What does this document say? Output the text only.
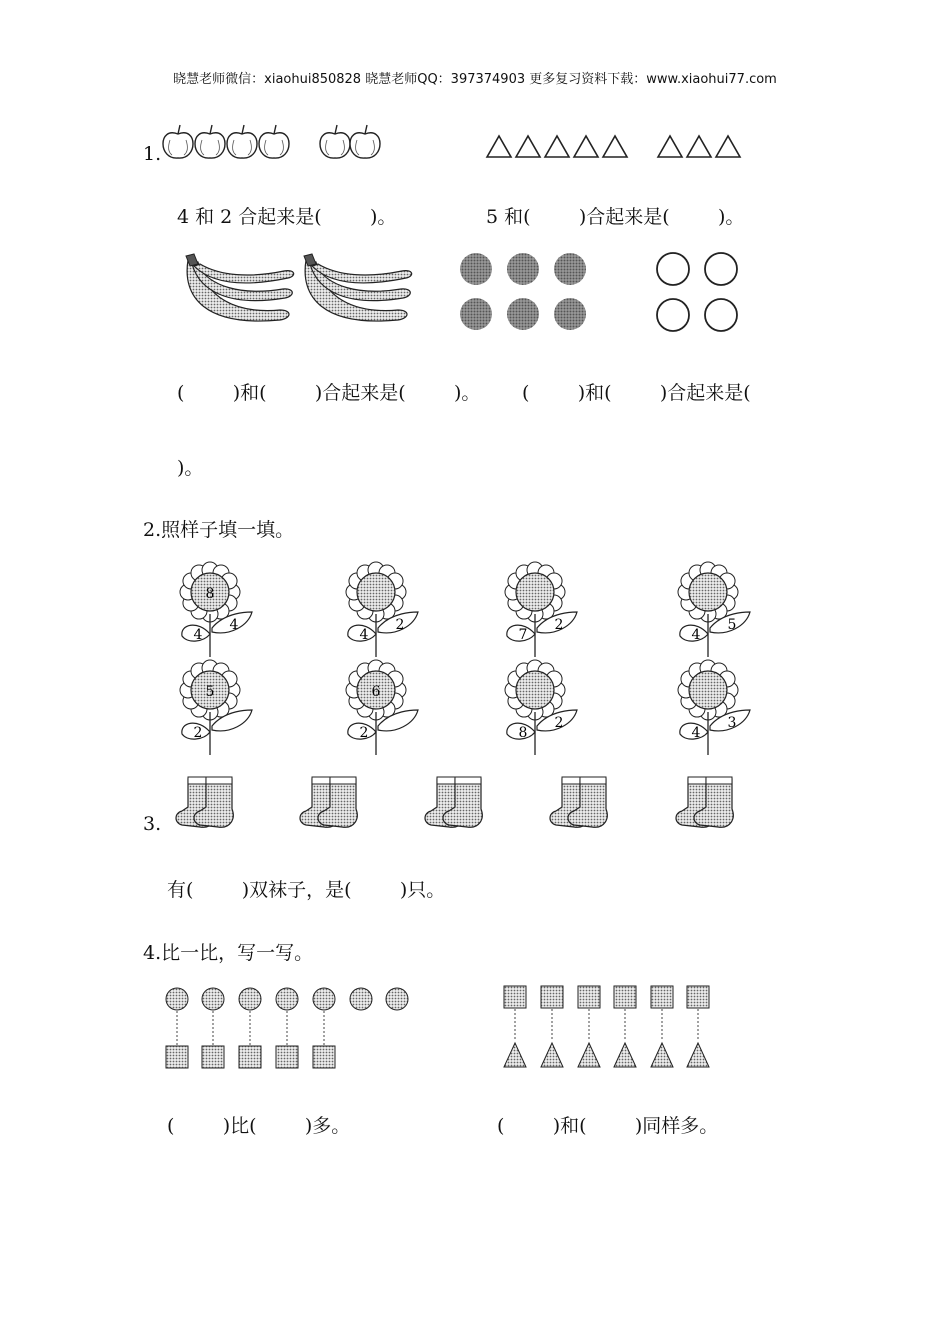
晓慧老师微信：xiaohui850828 晓慧老师QQ：397374903 更多复习资料下载：www.xiaohui77.com
1.
4 和 2 合起来是(        )。	5 和(        )合起来是(        )。
(        )和(        )合起来是(        )。 (        )和(        )合起来是(
)。
2.照样子填一填。
8
4
4
4
2
7
2
4
5
5
2
6
2	8
2
4
3
3.
有(        )双袜子，是(        )只。
4.比一比，写一写。
(        )比(        )多。	(        )和(        )同样多。
